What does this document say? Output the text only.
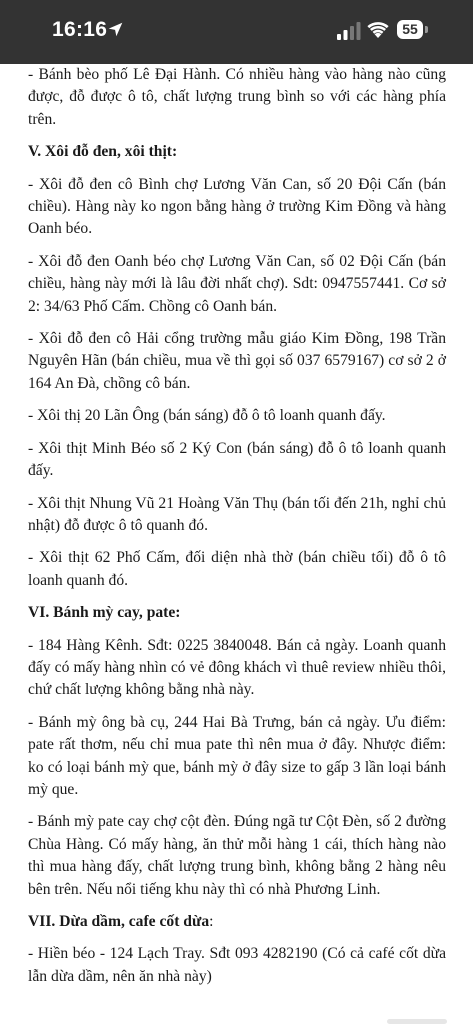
16:16	55

- Bánh bèo phố Lê Đại Hành. Có nhiều hàng vào hàng nào cũng được, đỗ được ô tô, chất lượng trung bình so với các hàng phía trên.

V. Xôi đỗ đen, xôi thịt:

- Xôi đỗ đen cô Bình chợ Lương Văn Can, số 20 Đội Cấn (bán chiều). Hàng này ko ngon bằng hàng ở trường Kim Đồng và hàng Oanh béo.

- Xôi đỗ đen Oanh béo chợ Lương Văn Can, số 02 Đội Cấn (bán chiều, hàng này mới là lâu đời nhất chợ). Sdt: 0947557441. Cơ sở 2: 34/63 Phố Cấm. Chồng cô Oanh bán.

- Xôi đỗ đen cô Hải cổng trường mẫu giáo Kim Đồng, 198 Trần Nguyên Hãn (bán chiều, mua về thì gọi số 037 6579167) cơ sở 2 ở 164 An Đà, chồng cô bán.

- Xôi thị 20 Lãn Ông (bán sáng) đỗ ô tô loanh quanh đấy.

- Xôi thịt Minh Béo số 2 Ký Con (bán sáng) đỗ ô tô loanh quanh đấy.

- Xôi thịt Nhung Vũ 21 Hoàng Văn Thụ (bán tối đến 21h, nghỉ chủ nhật) đỗ được ô tô quanh đó.

- Xôi thịt 62 Phố Cấm, đối diện nhà thờ (bán chiều tối) đỗ ô tô loanh quanh đó.

VI. Bánh mỳ cay, pate:

- 184 Hàng Kênh. Sđt: 0225 3840048. Bán cả ngày. Loanh quanh đấy có mấy hàng nhìn có vẻ đông khách vì thuê review nhiều thôi, chứ chất lượng không bằng nhà này.

- Bánh mỳ ông bà cụ, 244 Hai Bà Trưng, bán cả ngày. Ưu điểm: pate rất thơm, nếu chỉ mua pate thì nên mua ở đây. Nhược điểm: ko có loại bánh mỳ que, bánh mỳ ở đây size to gấp 3 lần loại bánh mỳ que.

- Bánh mỳ pate cay chợ cột đèn. Đúng ngã tư Cột Đèn, số 2 đường Chùa Hàng. Có mấy hàng, ăn thử mỗi hàng 1 cái, thích hàng nào thì mua hàng đấy, chất lượng trung bình, không bằng 2 hàng nêu bên trên. Nếu nổi tiếng khu này thì có nhà Phương Linh.

VII. Dừa dầm, cafe cốt dừa:

- Hiền béo - 124 Lạch Tray. Sđt 093 4282190 (Có cả café cốt dừa lẫn dừa dầm, nên ăn nhà này)
